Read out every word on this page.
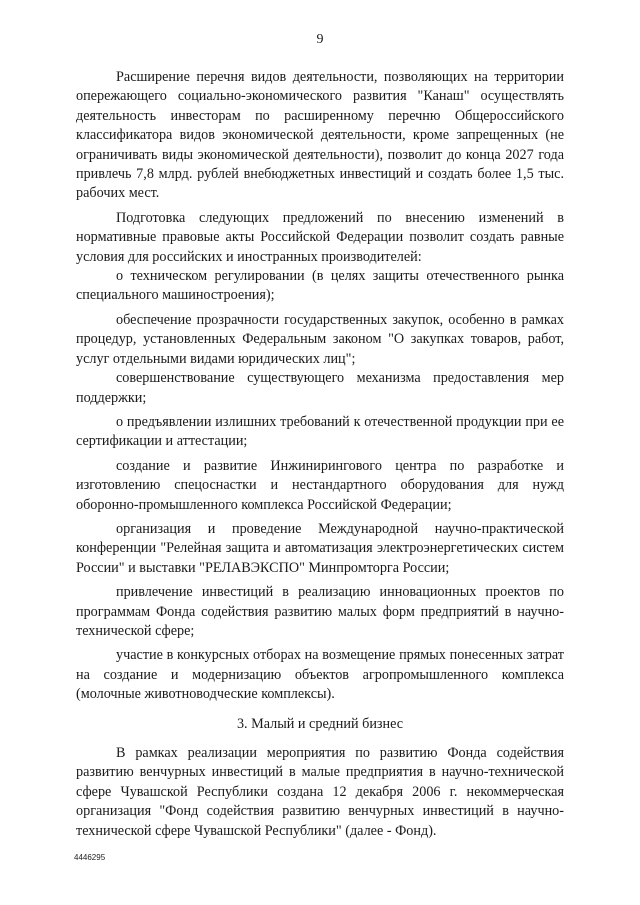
9

Расширение перечня видов деятельности, позволяющих на территории опережающего социально-экономического развития "Канаш" осуществлять деятельность инвесторам по расширенному перечню Общероссийского классификатора видов экономической деятельности, кроме запрещенных (не ограничивать виды экономической деятельности), позволит до конца 2027 года привлечь 7,8 млрд. рублей внебюджетных инвестиций и создать более 1,5 тыс. рабочих мест.

Подготовка следующих предложений по внесению изменений в нормативные правовые акты Российской Федерации позволит создать равные условия для российских и иностранных производителей:

о техническом регулировании (в целях защиты отечественного рынка специального машиностроения);

обеспечение прозрачности государственных закупок, особенно в рамках процедур, установленных Федеральным законом "О закупках товаров, работ, услуг отдельными видами юридических лиц";

совершенствование существующего механизма предоставления мер поддержки;

о предъявлении излишних требований к отечественной продукции при ее сертификации и аттестации;

создание и развитие Инжинирингового центра по разработке и изготовлению спецоснастки и нестандартного оборудования для нужд оборонно-промышленного комплекса Российской Федерации;

организация и проведение Международной научно-практической конференции "Релейная защита и автоматизация электроэнергетических систем России" и выставки "РЕЛАВЭКСПО" Минпромторга России;

привлечение инвестиций в реализацию инновационных проектов по программам Фонда содействия развитию малых форм предприятий в научно-технической сфере;

участие в конкурсных отборах на возмещение прямых понесенных затрат на создание и модернизацию объектов агропромышленного комплекса (молочные животноводческие комплексы).

3. Малый и средний бизнес

В рамках реализации мероприятия по развитию Фонда содействия развитию венчурных инвестиций в малые предприятия в научно-технической сфере Чувашской Республики создана 12 декабря 2006 г. некоммерческая организация "Фонд содействия развитию венчурных инвестиций в научно-технической сфере Чувашской Республики" (далее - Фонд).

4446295
